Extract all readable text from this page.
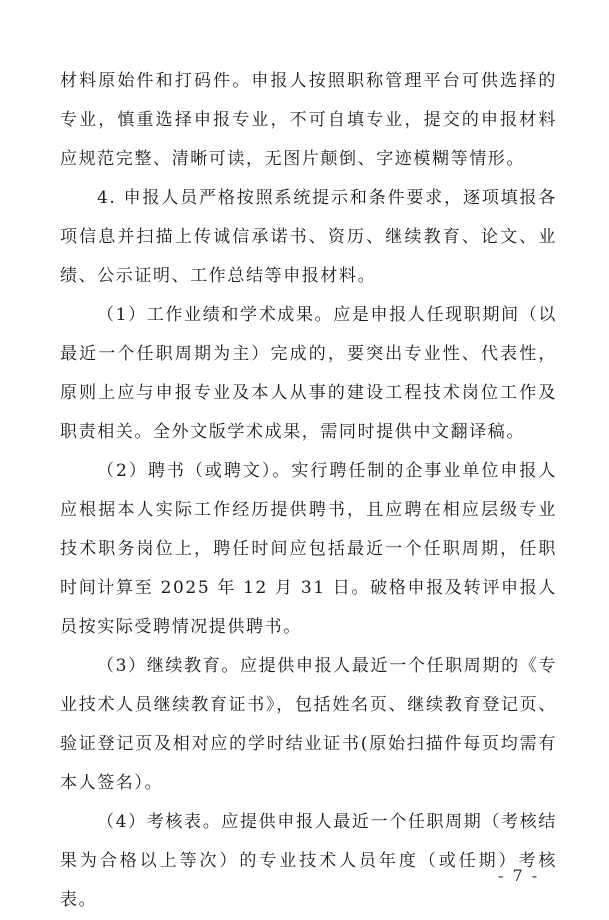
材料原始件和打码件。申报人按照职称管理平台可供选择的专业，慎重选择申报专业，不可自填专业，提交的申报材料应规范完整、清晰可读，无图片颠倒、字迹模糊等情形。

4. 申报人员严格按照系统提示和条件要求，逐项填报各项信息并扫描上传诚信承诺书、资历、继续教育、论文、业绩、公示证明、工作总结等申报材料。

（1）工作业绩和学术成果。应是申报人任现职期间（以最近一个任职周期为主）完成的，要突出专业性、代表性，原则上应与申报专业及本人从事的建设工程技术岗位工作及职责相关。全外文版学术成果，需同时提供中文翻译稿。

（2）聘书（或聘文）。实行聘任制的企事业单位申报人应根据本人实际工作经历提供聘书，且应聘在相应层级专业技术职务岗位上，聘任时间应包括最近一个任职周期，任职时间计算至 2025 年 12 月 31 日。破格申报及转评申报人员按实际受聘情况提供聘书。

（3）继续教育。应提供申报人最近一个任职周期的《专业技术人员继续教育证书》，包括姓名页、继续教育登记页、验证登记页及相对应的学时结业证书(原始扫描件每页均需有本人签名）。

（4）考核表。应提供申报人最近一个任职周期（考核结果为合格以上等次）的专业技术人员年度（或任期）考核表。

- 7 -
